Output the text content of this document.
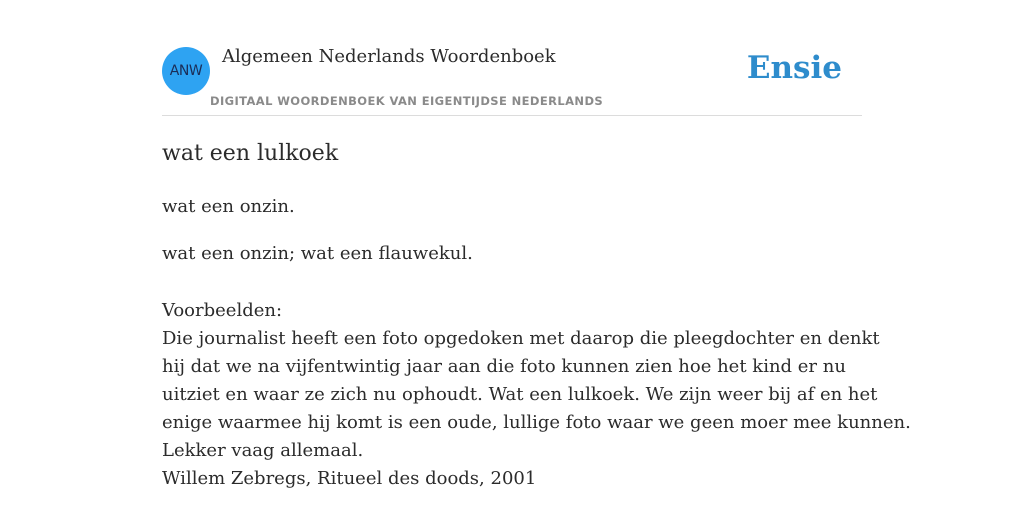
ANW
Algemeen Nederlands Woordenboek
DIGITAAL WOORDENBOEK VAN EIGENTIJDSE NEDERLANDS
Ensie
wat een lulkoek
wat een onzin.
wat een onzin; wat een flauwekul.
Voorbeelden:
Die journalist heeft een foto opgedoken met daarop die pleegdochter en denkt
hij dat we na vijfentwintig jaar aan die foto kunnen zien hoe het kind er nu
uitziet en waar ze zich nu ophoudt. Wat een lulkoek. We zijn weer bij af en het
enige waarmee hij komt is een oude, lullige foto waar we geen moer mee kunnen.
Lekker vaag allemaal.
Willem Zebregs, Ritueel des doods, 2001
